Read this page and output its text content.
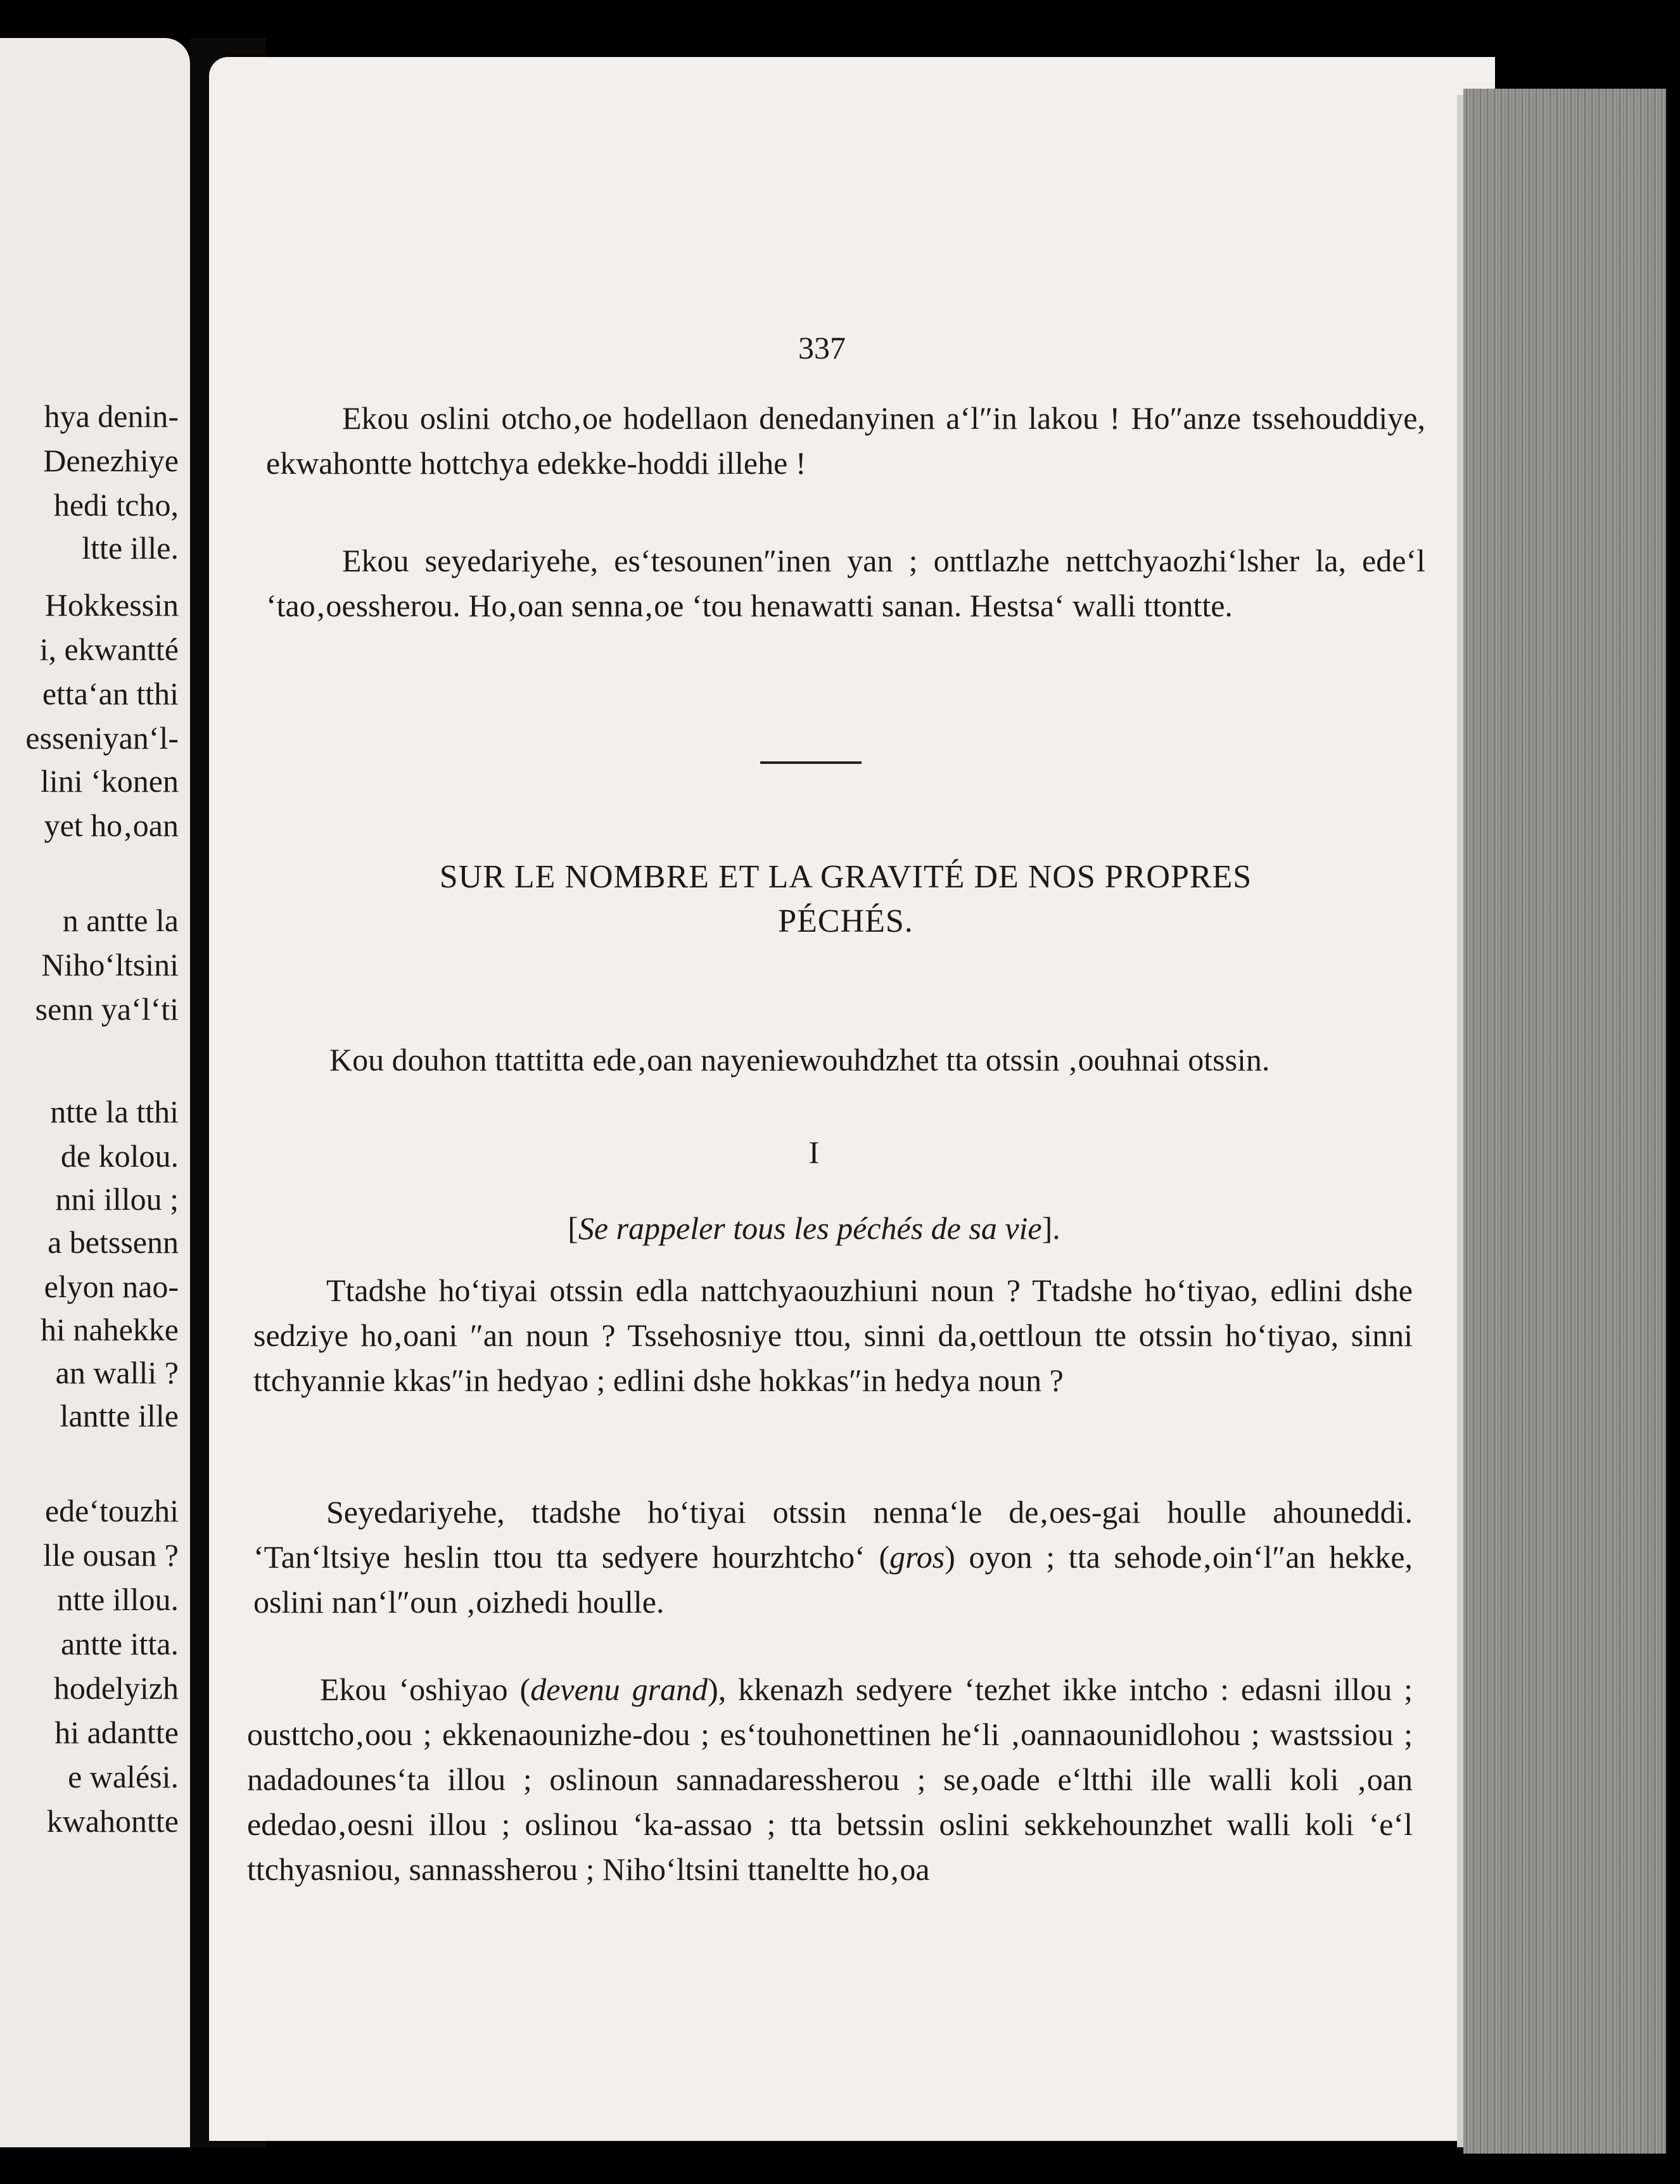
hya denin-
Denezhiye
hedi tcho,
ltte ille.
Hokkessin
i, ekwantté
etta‘an tthi
esseniyan‘l-
lini ‘konen
yet ho‚oan
n antte la
Niho‘ltsini
senn ya‘l‘ti
ntte la tthi
de kolou.
nni illou ;
a betssenn
elyon nao-
hi nahekke
an walli ?
lantte ille
ede‘touzhi
lle ousan ?
ntte illou.
antte itta.
hodelyizh
hi adantte
e walési.
kwahontte
337

Ekou oslini otcho‚oe hodellaon denedanyinen a‘l″in lakou ! Ho″anze tssehouddiye, ekwahontte hottchya edekke-hoddi illehe !

Ekou seyedariyehe, es‘tesounen″inen yan ; onttlazhe nettchyaozhi‘lsher la, ede‘l ‘tao‚oessherou. Ho‚oan senna‚oe ‘tou henawatti sanan. Hestsa‘ walli ttontte.

SUR LE NOMBRE ET LA GRAVITÉ DE NOS PROPRES
PÉCHÉS.

Kou douhon ttattitta ede‚oan nayeniewouhdzhet tta otssin ‚oouhnai otssin.

I
[Se rappeler tous les péchés de sa vie].

Ttadshe ho‘tiyai otssin edla nattchyaouzhiuni noun ? Ttadshe ho‘tiyao, edlini dshe sedziye ho‚oani ″an noun ? Tssehosniye ttou, sinni da‚oettloun tte otssin ho‘tiyao, sinni ttchyannie kkas″in hedyao ; edlini dshe hokkas″in hedya noun ?

Seyedariyehe, ttadshe ho‘tiyai otssin nenna‘le de‚oes-gai houlle ahouneddi. ‘Tan‘ltsiye heslin ttou tta sedyere hourzhtcho‘ (gros) oyon ; tta sehode‚oin‘l″an hekke, oslini nan‘l″oun ‚oizhedi houlle.

Ekou ‘oshiyao (devenu grand), kkenazh sedyere ‘tezhet ikke intcho : edasni illou ; ousttcho‚oou ; ekkenaounizhe-dou ; es‘touhonettinen he‘li ‚oannaounidlohou ; wastssiou ; nadadounes‘ta illou ; oslinoun sannadaressherou ; se‚oade e‘ltthi ille walli koli ‚oan ededao‚oesni illou ; oslinou ‘ka-assao ; tta betssin oslini sekkehounzhet walli koli ‘e‘l ttchyasniou, sannassherou ; Niho‘ltsini ttaneltte ho‚oa
